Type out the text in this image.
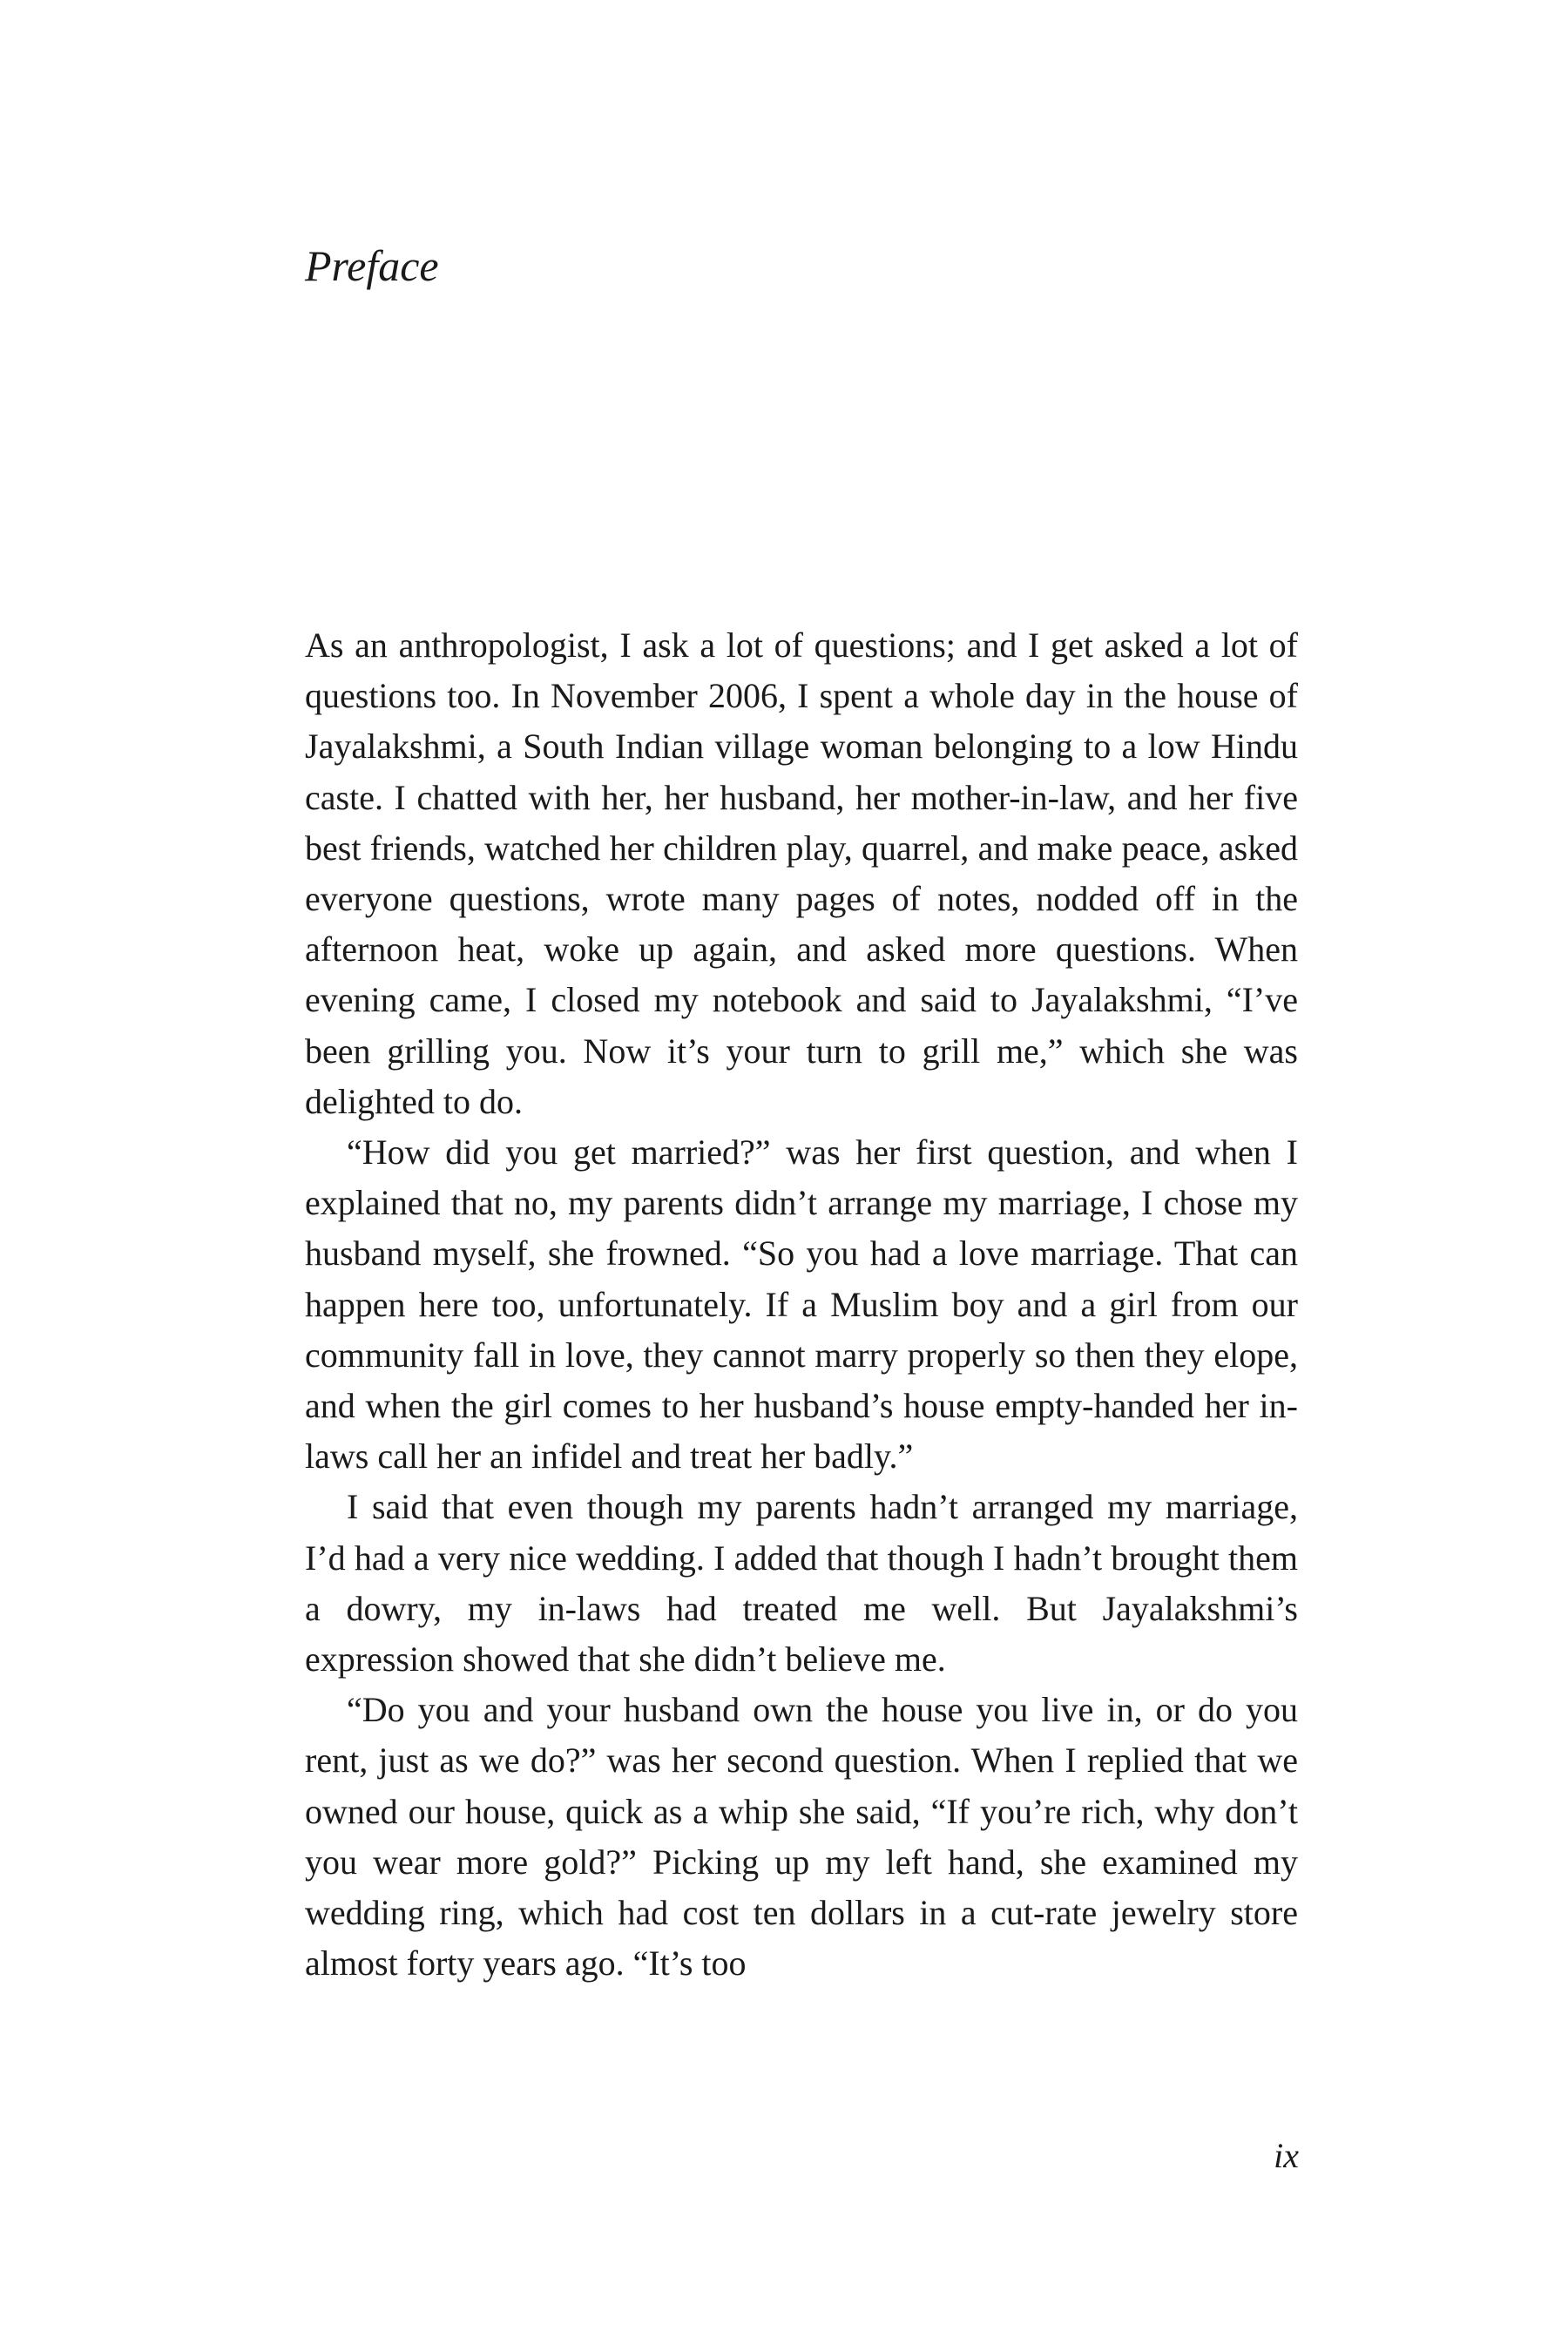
Preface

As an anthropologist, I ask a lot of questions; and I get asked a lot of questions too. In November 2006, I spent a whole day in the house of Jayalakshmi, a South Indian village woman belonging to a low Hindu caste. I chatted with her, her husband, her mother-in-law, and her five best friends, watched her children play, quarrel, and make peace, asked everyone questions, wrote many pages of notes, nodded off in the afternoon heat, woke up again, and asked more questions. When evening came, I closed my notebook and said to Jayalakshmi, “I’ve been grilling you. Now it’s your turn to grill me,” which she was delighted to do.

“How did you get married?” was her first question, and when I explained that no, my parents didn’t arrange my marriage, I chose my husband myself, she frowned. “So you had a love marriage. That can happen here too, unfortunately. If a Muslim boy and a girl from our community fall in love, they cannot marry properly so then they elope, and when the girl comes to her husband’s house empty-handed her in-laws call her an infidel and treat her badly.”

I said that even though my parents hadn’t arranged my marriage, I’d had a very nice wedding. I added that though I hadn’t brought them a dowry, my in-laws had treated me well. But Jayalakshmi’s expression showed that she didn’t believe me.

“Do you and your husband own the house you live in, or do you rent, just as we do?” was her second question. When I replied that we owned our house, quick as a whip she said, “If you’re rich, why don’t you wear more gold?” Picking up my left hand, she examined my wedding ring, which had cost ten dollars in a cut-rate jewelry store almost forty years ago. “It’s too

ix
